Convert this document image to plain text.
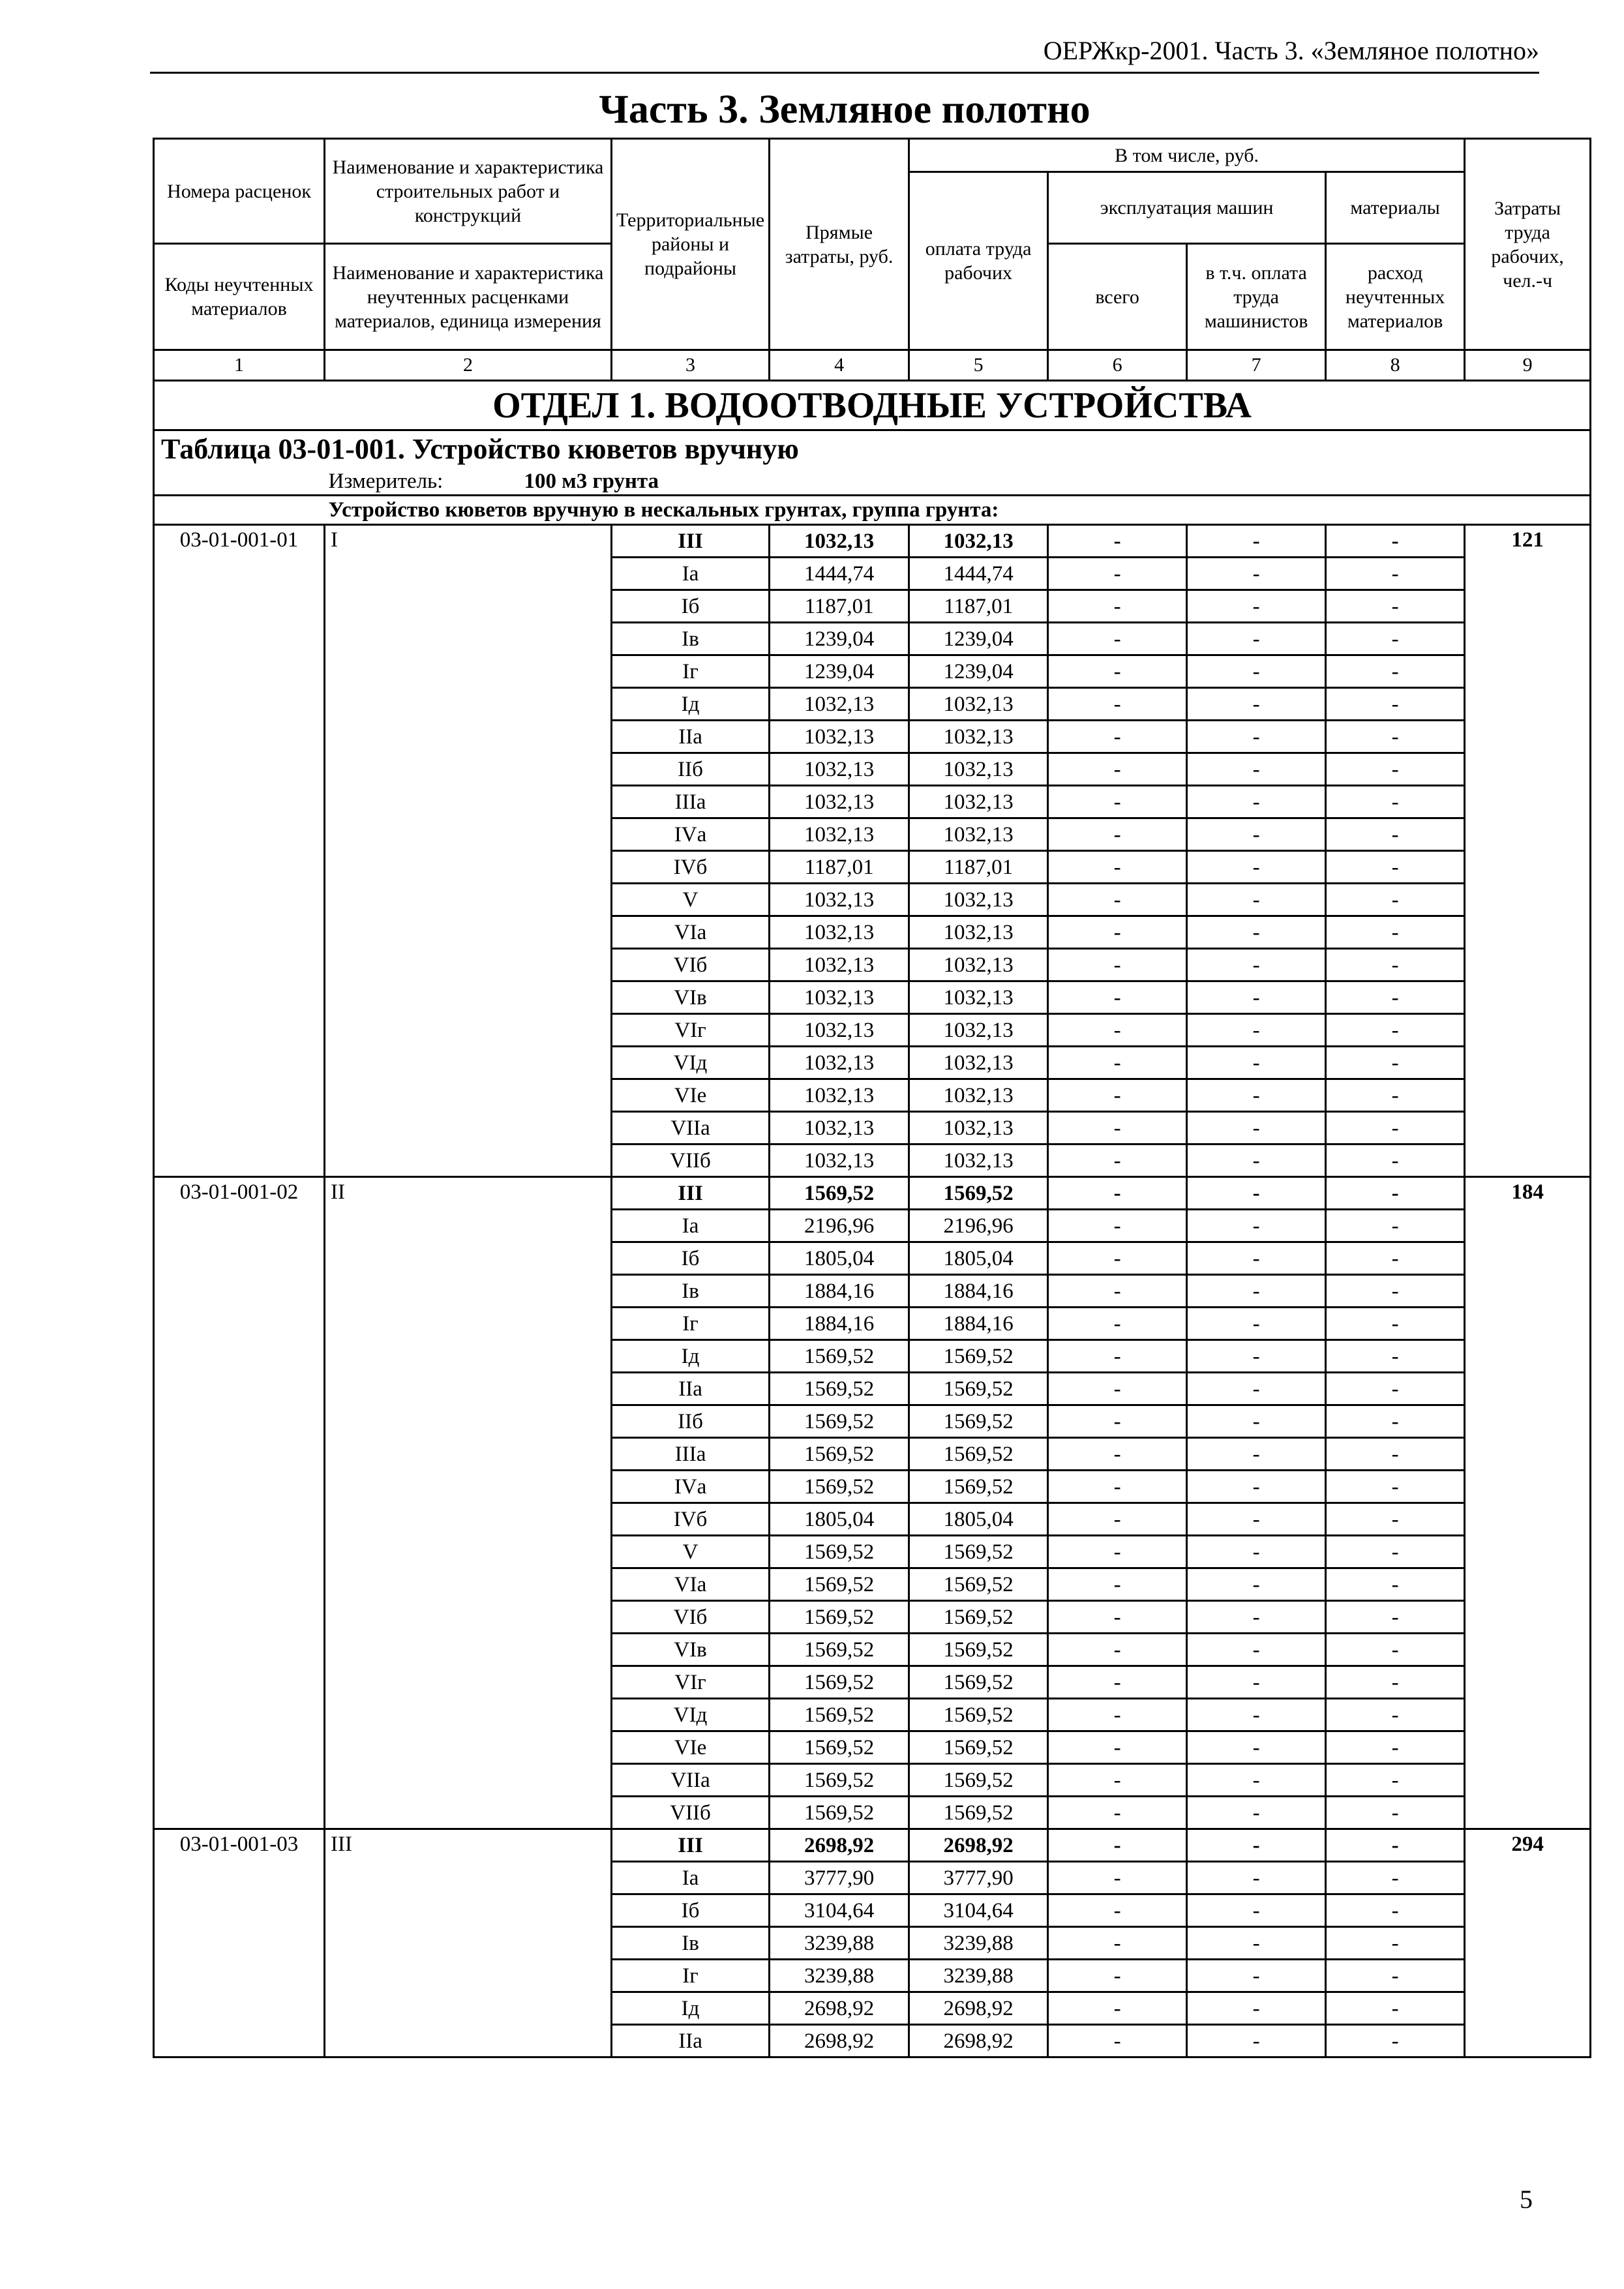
ОЕРЖкр-2001. Часть 3. «Земляное полотно»
Часть 3. Земляное полотно
Номера расценок	Наименование и характеристика строительных работ и конструкций	Территориальные районы и подрайоны	Прямые затраты, руб.	В том числе, руб.				Затраты труда рабочих, чел.-ч
				оплата труда рабочих	эксплуатация машин		материалы	
Коды неучтенных материалов	Наименование и характеристика неучтенных расценками материалов, единица измерения				всего	в т.ч. оплата труда машинистов	расход неучтенных материалов	

1	2	3	4	5	6	7	8	9
ОТДЕЛ 1. ВОДООТВОДНЫЕ УСТРОЙСТВА								
Таблица 03-01-001. Устройство кюветов вручную								
	Измеритель: 100 м3 грунта							
	Устройство кюветов вручную в нескальных грунтах, группа грунта:							
03-01-001-01	I	III	1032,13	1032,13	-	-	-	121
		Iа	1444,74	1444,74	-	-	-	
		Iб	1187,01	1187,01	-	-	-	
		Iв	1239,04	1239,04	-	-	-	
		Iг	1239,04	1239,04	-	-	-	
		Iд	1032,13	1032,13	-	-	-	
		IIа	1032,13	1032,13	-	-	-	
		IIб	1032,13	1032,13	-	-	-	
		IIIа	1032,13	1032,13	-	-	-	
		IVа	1032,13	1032,13	-	-	-	
		IVб	1187,01	1187,01	-	-	-	
		V	1032,13	1032,13	-	-	-	
		VIа	1032,13	1032,13	-	-	-	
		VIб	1032,13	1032,13	-	-	-	
		VIв	1032,13	1032,13	-	-	-	
		VIг	1032,13	1032,13	-	-	-	
		VIд	1032,13	1032,13	-	-	-	
		VIе	1032,13	1032,13	-	-	-	
		VIIа	1032,13	1032,13	-	-	-	
		VIIб	1032,13	1032,13	-	-	-	
03-01-001-02	II	III	1569,52	1569,52	-	-	-	184
		Iа	2196,96	2196,96	-	-	-	
		Iб	1805,04	1805,04	-	-	-	
		Iв	1884,16	1884,16	-	-	-	
		Iг	1884,16	1884,16	-	-	-	
		Iд	1569,52	1569,52	-	-	-	
		IIа	1569,52	1569,52	-	-	-	
		IIб	1569,52	1569,52	-	-	-	
		IIIа	1569,52	1569,52	-	-	-	
		IVа	1569,52	1569,52	-	-	-	
		IVб	1805,04	1805,04	-	-	-	
		V	1569,52	1569,52	-	-	-	
		VIа	1569,52	1569,52	-	-	-	
		VIб	1569,52	1569,52	-	-	-	
		VIв	1569,52	1569,52	-	-	-	
		VIг	1569,52	1569,52	-	-	-	
		VIд	1569,52	1569,52	-	-	-	
		VIе	1569,52	1569,52	-	-	-	
		VIIа	1569,52	1569,52	-	-	-	
		VIIб	1569,52	1569,52	-	-	-	
03-01-001-03	III	III	2698,92	2698,92	-	-	-	294
		Iа	3777,90	3777,90	-	-	-	
		Iб	3104,64	3104,64	-	-	-	
		Iв	3239,88	3239,88	-	-	-	
		Iг	3239,88	3239,88	-	-	-	
		Iд	2698,92	2698,92	-	-	-	
		IIа	2698,92	2698,92	-	-	-	
5
